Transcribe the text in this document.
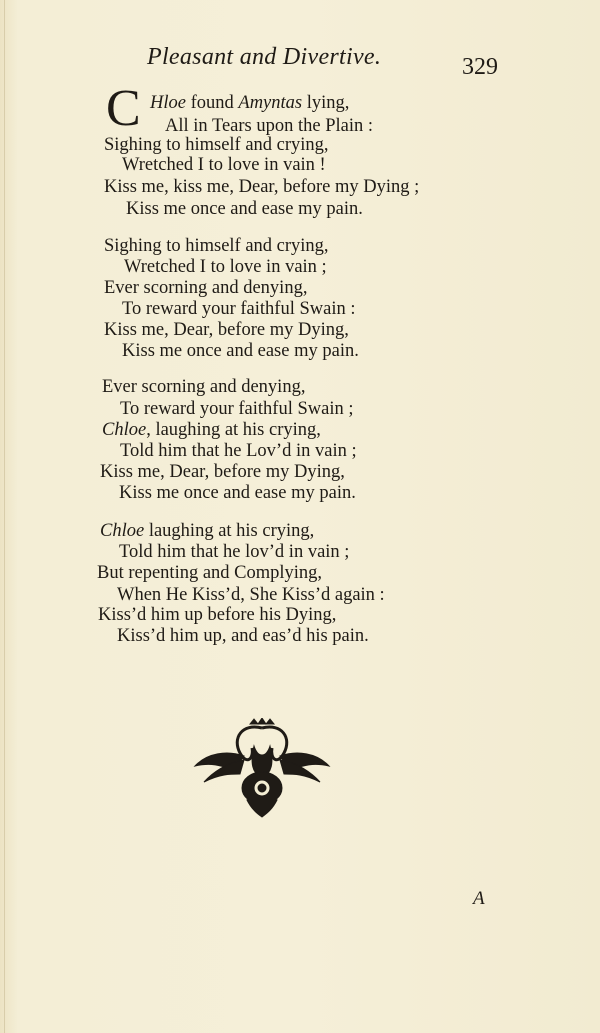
Pleasant and Divertive.	329
C Hloe found Amyntas lying,
All in Tears upon the Plain :
Sighing to himself and crying,
Wretched I to love in vain !
Kiss me, kiss me, Dear, before my Dying ;
Kiss me once and ease my pain.
Sighing to himself and crying,
Wretched I to love in vain ;
Ever scorning and denying,
To reward your faithful Swain :
Kiss me, Dear, before my Dying,
Kiss me once and ease my pain.
Ever scorning and denying,
To reward your faithful Swain ;
Chloe, laughing at his crying,
Told him that he Lov’d in vain ;
Kiss me, Dear, before my Dying,
Kiss me once and ease my pain.
Chloe laughing at his crying,
Told him that he lov’d in vain ;
But repenting and Complying,
When He Kiss’d, She Kiss’d again :
Kiss’d him up before his Dying,
Kiss’d him up, and eas’d his pain.
A
